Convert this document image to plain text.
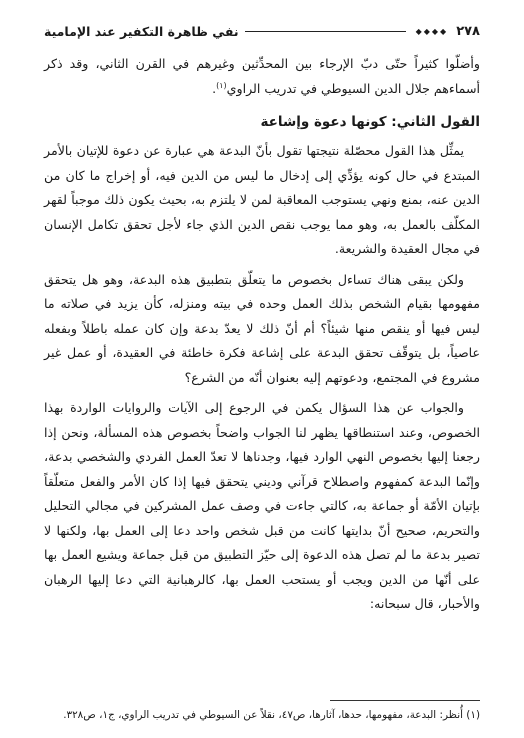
٢٧٨
◆◆◆◆
نفي ظاهرة التكفير عند الإمامية

وأضلّوا كثيراً حتّى دبّ الإرجاء بين المحدِّثين وغيرهم في القرن الثاني، وقد ذكر أسماءهم جلال الدين السيوطي في تدريب الراوي$^{(١)}$.

القول الثاني: كونها دعوة وإشاعة

يمثِّل هذا القول محصّلة نتيجتها تقول بأنّ البدعة هي عبارة عن دعوة للإتيان بالأمر المبتدع في حال كونه يؤدِّي إلى إدخال ما ليس من الدين فيه، أو إخراج ما كان من الدين عنه، بمنع ونهي يستوجب المعاقبة لمن لا يلتزم به، بحيث يكون ذلك موجباً لقهر المكلّف بالعمل به، وهو مما يوجب نقص الدين الذي جاء لأجل تحقق تكامل الإنسان في مجال العقيدة والشريعة.

ولكن يبقى هناك تساءل بخصوص ما يتعلّق بتطبيق هذه البدعة، وهو هل يتحقق مفهومها بقيام الشخص بذلك العمل وحده في بيته ومنزله، كأن يزيد في صلاته ما ليس فيها أو ينقص منها شيئاً؟ أم أنّ ذلك لا يعدّ بدعة وإن كان عمله باطلاً وبفعله عاصياً، بل يتوقّف تحقق البدعة على إشاعة فكرة خاطئة في العقيدة، أو عمل غير مشروع في المجتمع، ودعوتهم إليه بعنوان أنّه من الشرع؟

والجواب عن هذا السؤال يكمن في الرجوع إلى الآيات والروايات الواردة بهذا الخصوص، وعند استنطاقها يظهر لنا الجواب واضحاً بخصوص هذه المسألة، ونحن إذا رجعنا إليها بخصوص النهي الوارد فيها، وجدناها لا تعدّ العمل الفردي والشخصي بدعة، وإنّما البدعة كمفهوم واصطلاح قرآني وديني يتحقق فيها إذا كان الأمر والفعل متعلّقاً بإتيان الأمّة أو جماعة به، كالتي جاءت في وصف عمل المشركين في مجالي التحليل والتحريم، صحيح أنّ بدايتها كانت من قبل شخص واحد دعا إلى العمل بها، ولكنها لا تصير بدعة ما لم تصل هذه الدعوة إلى حيّز التطبيق من قبل جماعة ويشيع العمل بها على أنّها من الدين ويجب أو يستحب العمل بها، كالرهبانية التي دعا إليها الرهبان والأحبار، قال سبحانه:

(١) أُنظر: البدعة، مفهومها، حدها، آثارها، ص٤٧، نقلاً عن السيوطي في تدريب الراوي، ج١، ص٣٢٨.
